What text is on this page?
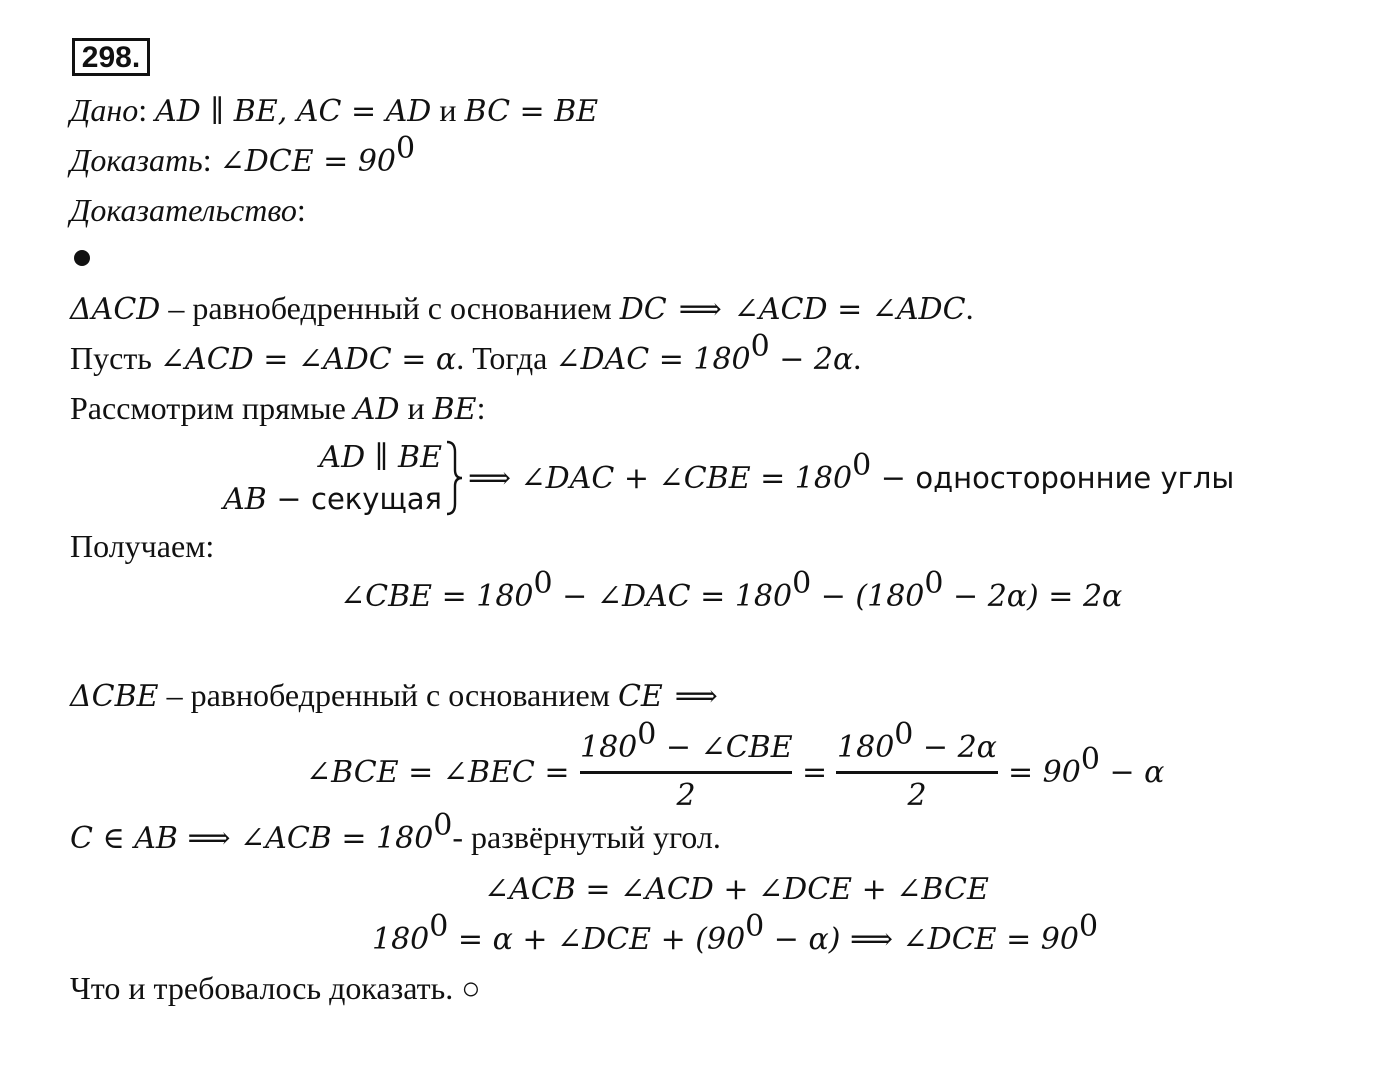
298.
Дано: AD ∥ BE, AC = AD и BC = BE
Доказать: ∠DCE = $90^0$
Доказательство:
ΔACD – равнобедренный с основанием DC ⟹ ∠ACD = ∠ADC.
Пусть ∠ACD = ∠ADC = α. Тогда ∠DAC = $180^0 - 2\alpha$.
Рассмотрим прямые AD и BE:
AD ∥ BE
AB − секущая
⟹ ∠DAC + ∠CBE = $180^0$ − односторонние углы
Получаем:
∠CBE = $180^0$ − ∠DAC = $180^0 - (180^0 - 2\alpha) = 2\alpha$
ΔCBE – равнобедренный с основанием CE ⟹
∠BCE = ∠BEC =
$180^0$ − ∠CBE
2
=
$180^0 - 2\alpha$
2
= $90^0 - \alpha$
C ∈ AB ⟹ ∠ACB = $180^0-$ развёрнутый угол.
∠ACB = ∠ACD + ∠DCE + ∠BCE
$180^0 = \alpha$ + ∠DCE + $(90^0 - \alpha)$ ⟹ ∠DCE = $90^0$
Что и требовалось доказать. ○
